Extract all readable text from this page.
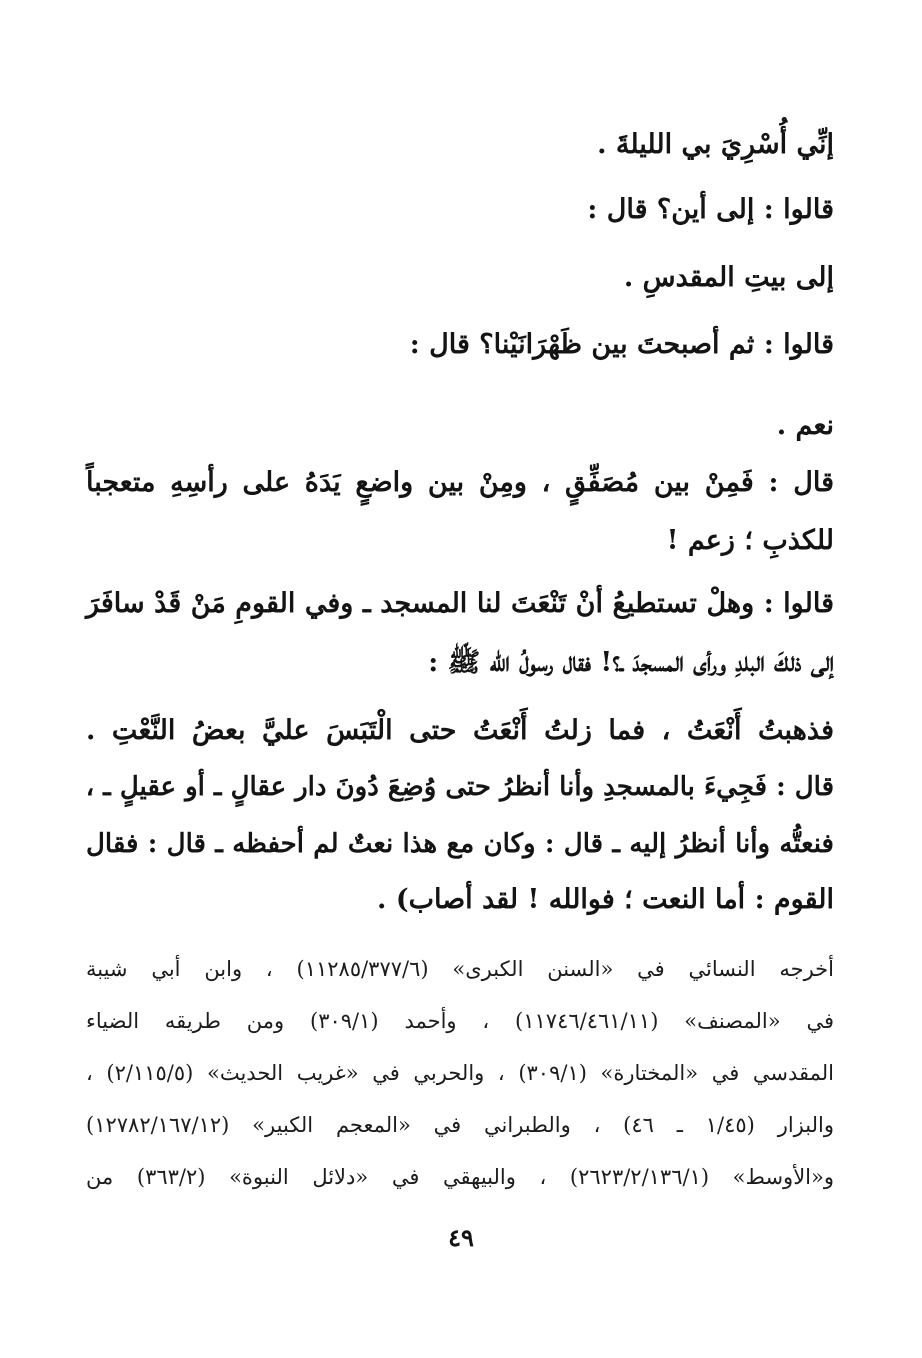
إنِّي أُسْرِيَ بي الليلةَ .
قالوا : إلى أين؟ قال :
إلى بيتِ المقدسِ .
قالوا : ثم أصبحتَ بين ظَهْرَانَيْنا؟ قال :
نعم .
قال : فَمِنْ بين مُصَفِّقٍ ، ومِنْ بين واضعٍ يَدَهُ على رأسِهِ متعجباً
للكذبِ ؛ زعم !
قالوا : وهلْ تستطيعُ أنْ تَنْعَتَ لنا المسجد ـ وفي القومِ مَنْ قَدْ سافَرَ
إلى ذلكَ البلدِ ورأى المسجدَ ـ؟! فقال رسولُ الله ﷺ :
فذهبتُ أَنْعَتُ ، فما زلتُ أَنْعَتُ حتى الْتَبَسَ عليَّ بعضُ النَّعْتِ .
قال : فَجِيءَ بالمسجدِ وأنا أنظرُ حتى وُضِعَ دُونَ دار عقالٍ ـ أو عقيلٍ ـ ،
فنعتُّه وأنا أنظرُ إليه ـ قال : وكان مع هذا نعتٌ لم أحفظه ـ قال : فقال
القوم : أما النعت ؛ فوالله ! لقد أصاب) .
أخرجه النسائي في «السنن الكبرى» (١١٢٨٥/٣٧٧/٦) ، وابن أبي شيبة
في «المصنف» (١١٧٤٦/٤٦١/١١) ، وأحمد (٣٠٩/١) ومن طريقه الضياء
المقدسي في «المختارة» (٣٠٩/١) ، والحربي في «غريب الحديث» (٢/١١٥/٥) ،
والبزار (١/٤٥ ـ ٤٦) ، والطبراني في «المعجم الكبير» (١٢٧٨٢/١٦٧/١٢)
و«الأوسط» (٢٦٢٣/٢/١٣٦/١) ، والبيهقي في «دلائل النبوة» (٣٦٣/٢) من
٤٩
